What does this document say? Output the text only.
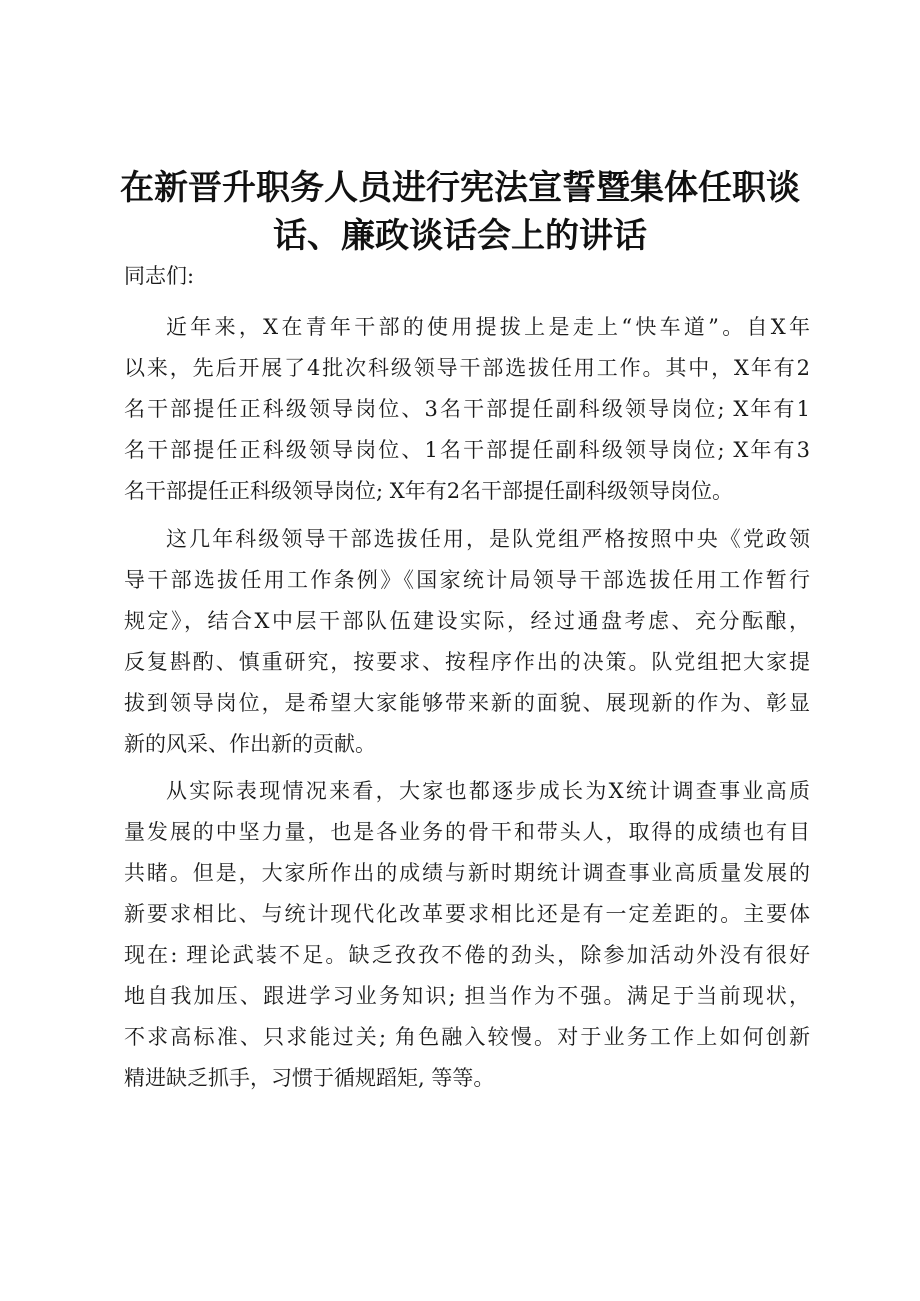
在新晋升职务人员进行宪法宣誓暨集体任职谈
话、廉政谈话会上的讲话

同志们:

近年来，X在青年干部的使用提拔上是走上“快车道”。自X年

以来，先后开展了4批次科级领导干部选拔任用工作。其中，X年有2

名干部提任正科级领导岗位、3名干部提任副科级领导岗位; X年有1

名干部提任正科级领导岗位、1名干部提任副科级领导岗位; X年有3

名干部提任正科级领导岗位; X年有2名干部提任副科级领导岗位。

这几年科级领导干部选拔任用，是队党组严格按照中央《党政领

导干部选拔任用工作条例》《国家统计局领导干部选拔任用工作暂行

规定》，结合X中层干部队伍建设实际，经过通盘考虑、充分酝酿，

反复斟酌、慎重研究，按要求、按程序作出的决策。队党组把大家提

拔到领导岗位，是希望大家能够带来新的面貌、展现新的作为、彰显

新的风采、作出新的贡献。

从实际表现情况来看，大家也都逐步成长为X统计调查事业高质

量发展的中坚力量，也是各业务的骨干和带头人，取得的成绩也有目

共睹。但是，大家所作出的成绩与新时期统计调查事业高质量发展的

新要求相比、与统计现代化改革要求相比还是有一定差距的。主要体

现在: 理论武装不足。缺乏孜孜不倦的劲头，除参加活动外没有很好

地自我加压、跟进学习业务知识; 担当作为不强。满足于当前现状，

不求高标准、只求能过关; 角色融入较慢。对于业务工作上如何创新

精进缺乏抓手，习惯于循规蹈矩, 等等。
